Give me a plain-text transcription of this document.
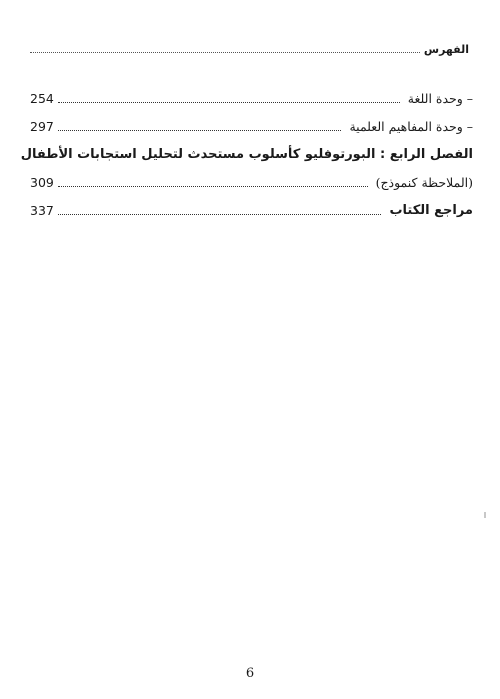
الفهرس
– وحدة اللغة
254
– وحدة المفاهيم العلمية
297
الفصل الرابع : البورتوفليو كأسلوب مستحدث لتحليل استجابات الأطفال
(الملاحظة كنموذج)
309
مراجع الكتاب
337
6
